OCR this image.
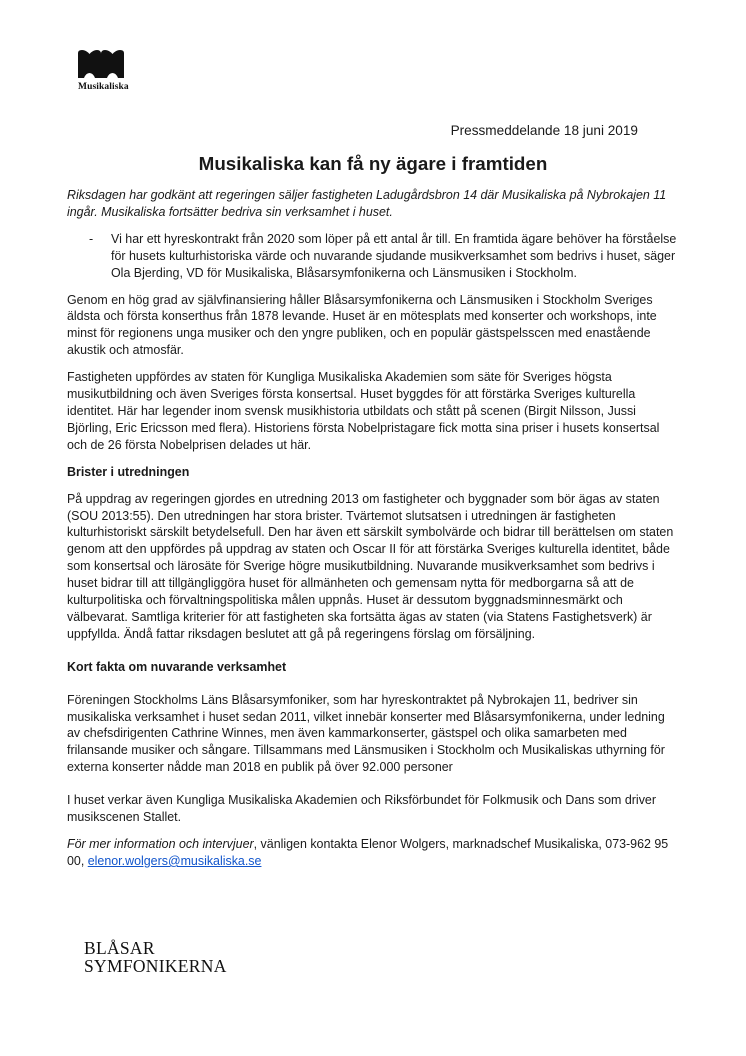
Musikaliska
Pressmeddelande 18 juni 2019
Musikaliska kan få ny ägare i framtiden

Riksdagen har godkänt att regeringen säljer fastigheten Ladugårdsbron 14 där Musikaliska på Nybrokajen 11 ingår. Musikaliska fortsätter bedriva sin verksamhet i huset.

-	Vi har ett hyreskontrakt från 2020 som löper på ett antal år till. En framtida ägare behöver ha förståelse för husets kulturhistoriska värde och nuvarande sjudande musikverksamhet som bedrivs i huset, säger Ola Bjerding, VD för Musikaliska, Blåsarsymfonikerna och Länsmusiken i Stockholm.

Genom en hög grad av självfinansiering håller Blåsarsymfonikerna och Länsmusiken i Stockholm Sveriges äldsta och första konserthus från 1878 levande. Huset är en mötesplats med konserter och workshops, inte minst för regionens unga musiker och den yngre publiken, och en populär gästspelsscen med enastående akustik och atmosfär.

Fastigheten uppfördes av staten för Kungliga Musikaliska Akademien som säte för Sveriges högsta musikutbildning och även Sveriges första konsertsal. Huset byggdes för att förstärka Sveriges kulturella identitet. Här har legender inom svensk musikhistoria utbildats och stått på scenen (Birgit Nilsson, Jussi Björling, Eric Ericsson med flera). Historiens första Nobelpristagare fick motta sina priser i husets konsertsal och de 26 första Nobelprisen delades ut här.

Brister i utredningen

På uppdrag av regeringen gjordes en utredning 2013 om fastigheter och byggnader som bör ägas av staten (SOU 2013:55). Den utredningen har stora brister. Tvärtemot slutsatsen i utredningen är fastigheten kulturhistoriskt särskilt betydelsefull. Den har även ett särskilt symbolvärde och bidrar till berättelsen om staten genom att den uppfördes på uppdrag av staten och Oscar II för att förstärka Sveriges kulturella identitet, både som konsertsal och lärosäte för Sverige högre musikutbildning. Nuvarande musikverksamhet som bedrivs i huset bidrar till att tillgängliggöra huset för allmänheten och gemensam nytta för medborgarna så att de kulturpolitiska och förvaltningspolitiska målen uppnås. Huset är dessutom byggnadsminnesmärkt och välbevarat. Samtliga kriterier för att fastigheten ska fortsätta ägas av staten (via Statens Fastighetsverk) är uppfyllda. Ändå fattar riksdagen beslutet att gå på regeringens förslag om försäljning.

Kort fakta om nuvarande verksamhet

Föreningen Stockholms Läns Blåsarsymfoniker, som har hyreskontraktet på Nybrokajen 11, bedriver sin musikaliska verksamhet i huset sedan 2011, vilket innebär konserter med Blåsarsymfonikerna, under ledning av chefsdirigenten Cathrine Winnes, men även kammarkonserter, gästspel och olika samarbeten med frilansande musiker och sångare. Tillsammans med Länsmusiken i Stockholm och Musikaliskas uthyrning för externa konserter nådde man 2018 en publik på över 92.000 personer

I huset verkar även Kungliga Musikaliska Akademien och Riksförbundet för Folkmusik och Dans som driver musikscenen Stallet.

För mer information och intervjuer, vänligen kontakta Elenor Wolgers, marknadschef Musikaliska, 073-962 95 00, elenor.wolgers@musikaliska.se

BLÅSAR
SYMFONIKERNA
